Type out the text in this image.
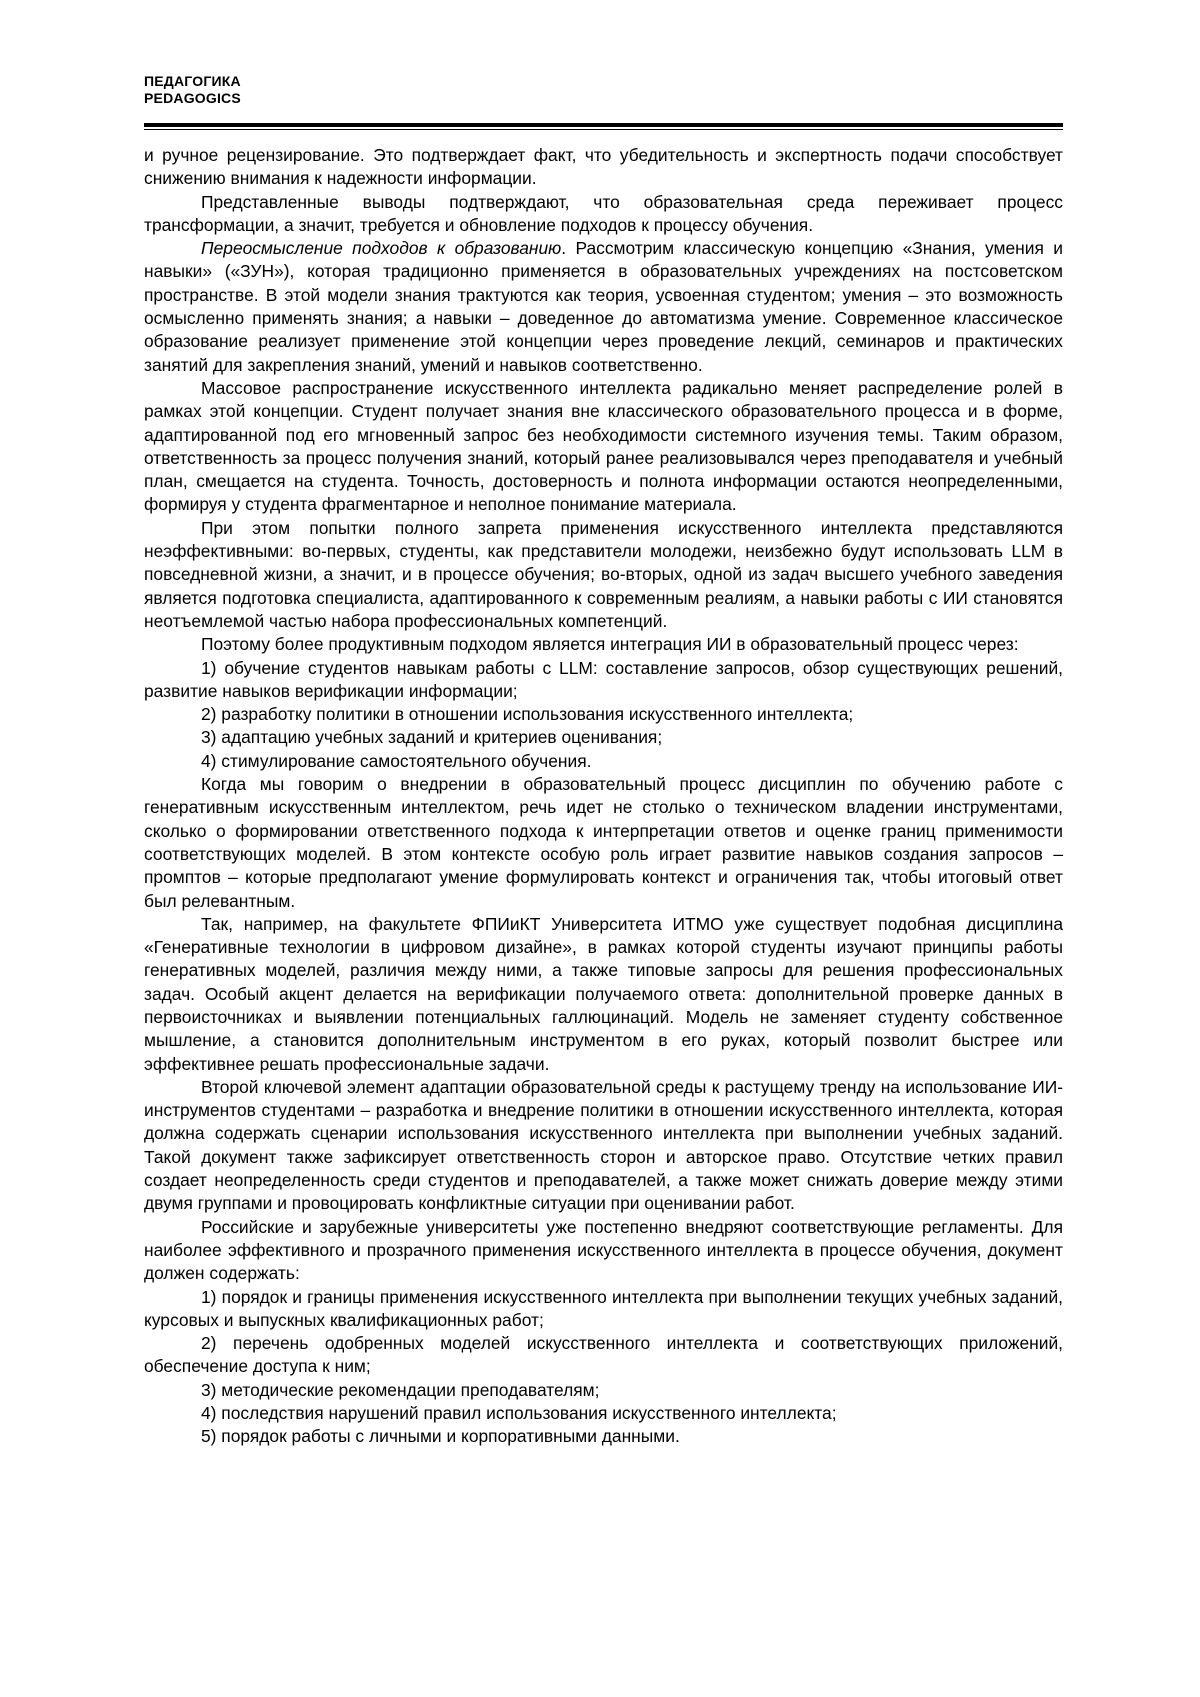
ПЕДАГОГИКА
PEDAGOGICS

и ручное рецензирование. Это подтверждает факт, что убедительность и экспертность подачи способствует снижению внимания к надежности информации.

Представленные выводы подтверждают, что образовательная среда переживает процесс трансформации, а значит, требуется и обновление подходов к процессу обучения.

Переосмысление подходов к образованию. Рассмотрим классическую концепцию «Знания, умения и навыки» («ЗУН»), которая традиционно применяется в образовательных учреждениях на постсоветском пространстве. В этой модели знания трактуются как теория, усвоенная студентом; умения – это возможность осмысленно применять знания; а навыки – доведенное до автоматизма умение. Современное классическое образование реализует применение этой концепции через проведение лекций, семинаров и практических занятий для закрепления знаний, умений и навыков соответственно.

Массовое распространение искусственного интеллекта радикально меняет распределение ролей в рамках этой концепции. Студент получает знания вне классического образовательного процесса и в форме, адаптированной под его мгновенный запрос без необходимости системного изучения темы. Таким образом, ответственность за процесс получения знаний, который ранее реализовывался через преподавателя и учебный план, смещается на студента. Точность, достоверность и полнота информации остаются неопределенными, формируя у студента фрагментарное и неполное понимание материала.

При этом попытки полного запрета применения искусственного интеллекта представляются неэффективными: во-первых, студенты, как представители молодежи, неизбежно будут использовать LLM в повседневной жизни, а значит, и в процессе обучения; во-вторых, одной из задач высшего учебного заведения является подготовка специалиста, адаптированного к современным реалиям, а навыки работы с ИИ становятся неотъемлемой частью набора профессиональных компетенций.

Поэтому более продуктивным подходом является интеграция ИИ в образовательный процесс через:

1) обучение студентов навыкам работы с LLM: составление запросов, обзор существующих решений, развитие навыков верификации информации;

2) разработку политики в отношении использования искусственного интеллекта;

3) адаптацию учебных заданий и критериев оценивания;

4) стимулирование самостоятельного обучения.

Когда мы говорим о внедрении в образовательный процесс дисциплин по обучению работе с генеративным искусственным интеллектом, речь идет не столько о техническом владении инструментами, сколько о формировании ответственного подхода к интерпретации ответов и оценке границ применимости соответствующих моделей. В этом контексте особую роль играет развитие навыков создания запросов – промптов – которые предполагают умение формулировать контекст и ограничения так, чтобы итоговый ответ был релевантным.

Так, например, на факультете ФПИиКТ Университета ИТМО уже существует подобная дисциплина «Генеративные технологии в цифровом дизайне», в рамках которой студенты изучают принципы работы генеративных моделей, различия между ними, а также типовые запросы для решения профессиональных задач. Особый акцент делается на верификации получаемого ответа: дополнительной проверке данных в первоисточниках и выявлении потенциальных галлюцинаций. Модель не заменяет студенту собственное мышление, а становится дополнительным инструментом в его руках, который позволит быстрее или эффективнее решать профессиональные задачи.

Второй ключевой элемент адаптации образовательной среды к растущему тренду на использование ИИ-инструментов студентами – разработка и внедрение политики в отношении искусственного интеллекта, которая должна содержать сценарии использования искусственного интеллекта при выполнении учебных заданий. Такой документ также зафиксирует ответственность сторон и авторское право. Отсутствие четких правил создает неопределенность среди студентов и преподавателей, а также может снижать доверие между этими двумя группами и провоцировать конфликтные ситуации при оценивании работ.

Российские и зарубежные университеты уже постепенно внедряют соответствующие регламенты. Для наиболее эффективного и прозрачного применения искусственного интеллекта в процессе обучения, документ должен содержать:

1) порядок и границы применения искусственного интеллекта при выполнении текущих учебных заданий, курсовых и выпускных квалификационных работ;

2) перечень одобренных моделей искусственного интеллекта и соответствующих приложений, обеспечение доступа к ним;

3) методические рекомендации преподавателям;

4) последствия нарушений правил использования искусственного интеллекта;

5) порядок работы с личными и корпоративными данными.
